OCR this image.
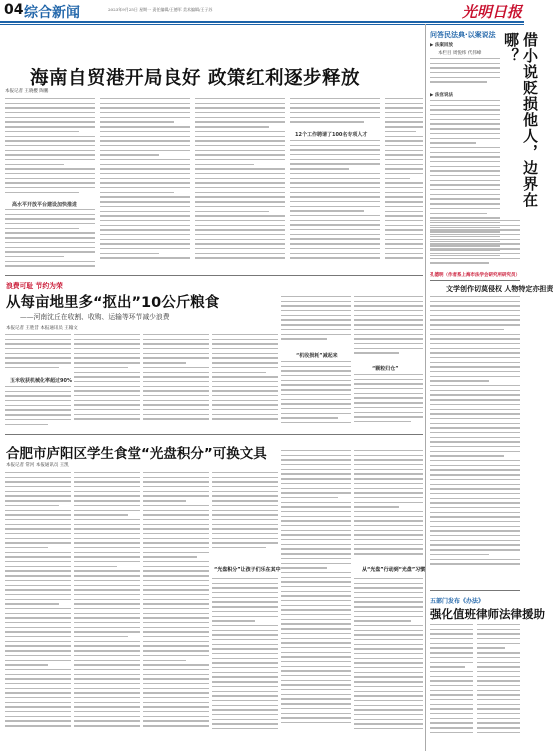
04 综合新闻	2023年9月25日 星期一 责任编辑/王德军 美术编辑/王子苏	光明日报
海南自贸港开局良好 政策红利逐步释放
本报记者 王晓樱 陶鹏
高水平开放平台建设加快推进
12个工作聘请了100名专项人才
浪费可耻 节约为荣
从每亩地里多“抠出”10公斤粮食
——河南沈丘在收割、收购、运输等环节减少浪费
本报记者 王胜昔 本报通讯员 王翰文
玉米收获机械化率超过90%
“机收损耗”减起来
“颗粒归仓”
合肥市庐阳区学生食堂“光盘积分”可换文具
本报记者 常河 本报通讯员 王凯
“光盘积分”让孩子们乐在其中	从“光盘”行动到“光盘”习惯
问答民法典·以案说法
▶ 法案回放
本栏目 周悦纬 代伟峰	借小说贬损他人，边界在哪？
▶ 法官说法
孔德明（作者系上海市法学会研究所研究员）
文学创作切莫侵权 人物特定亦担责
五部门发布《办法》
强化值班律师法律援助
